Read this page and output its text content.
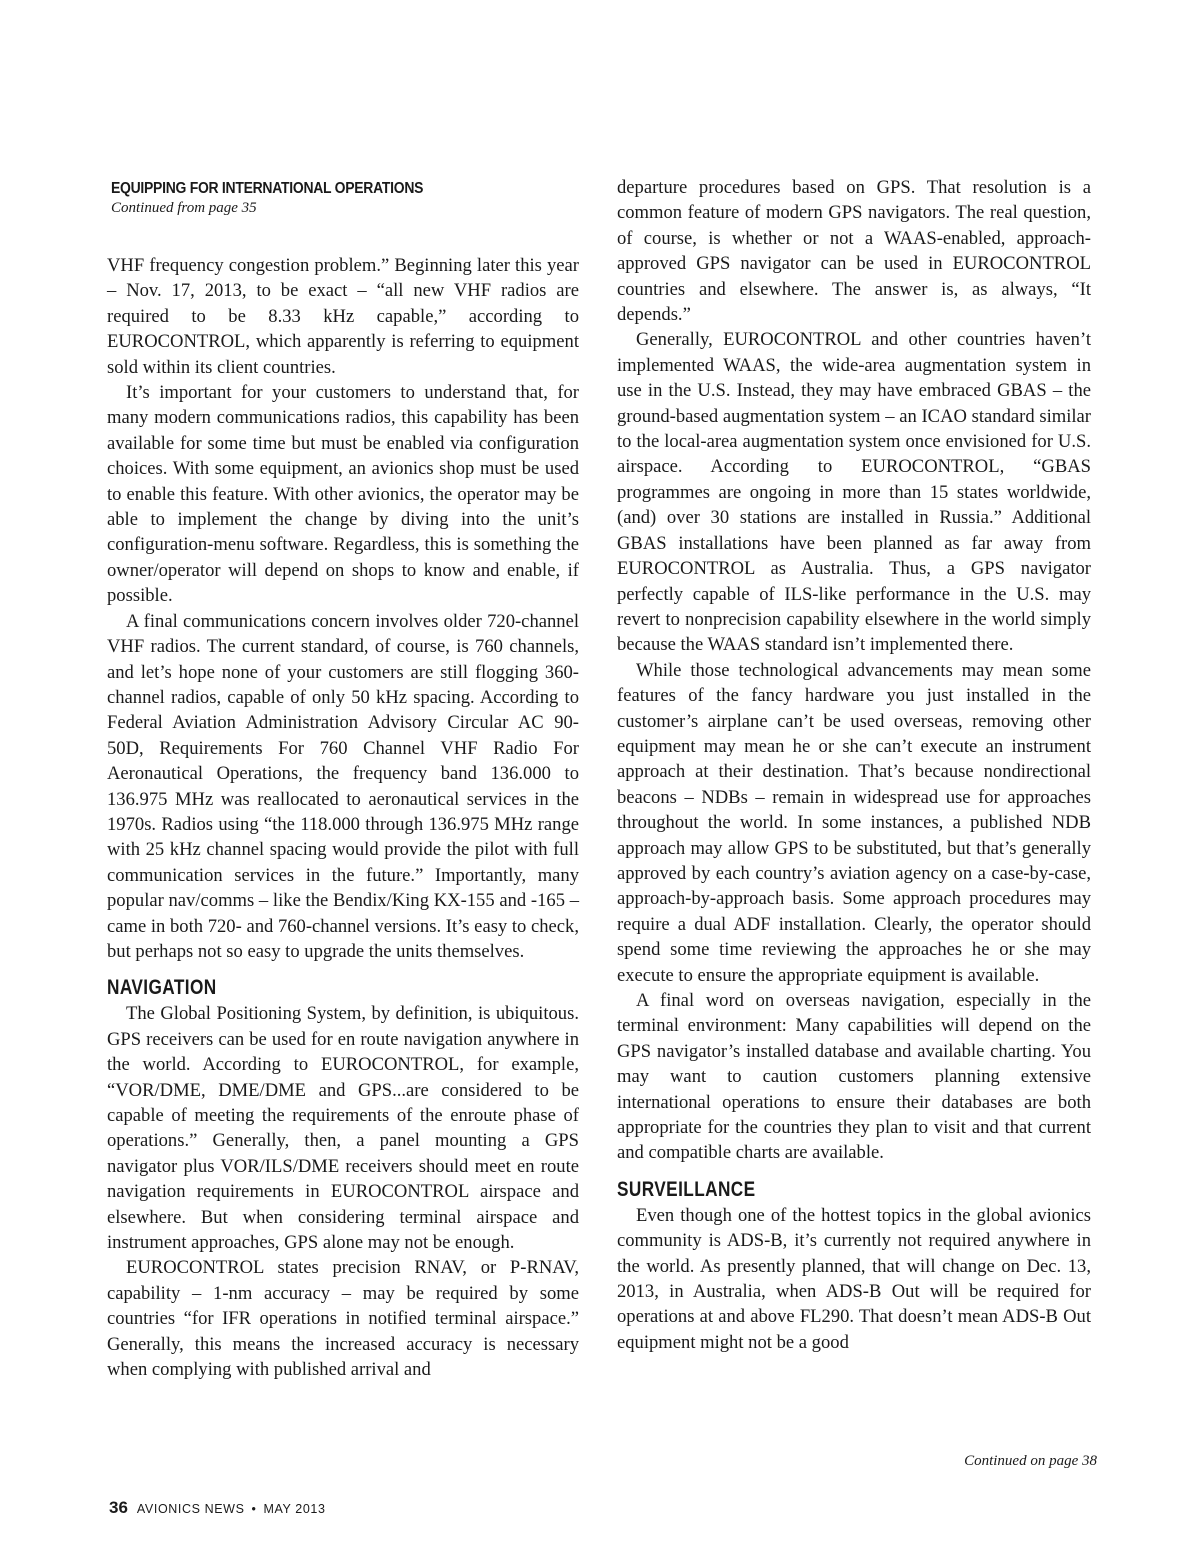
EQUIPPING FOR INTERNATIONAL OPERATIONS
Continued from page 35

VHF frequency congestion problem.” Beginning later this year – Nov. 17, 2013, to be exact – “all new VHF radios are required to be 8.33 kHz capable,” according to EUROCONTROL, which apparently is referring to equipment sold within its client countries.

It’s important for your customers to understand that, for many modern communications radios, this capability has been available for some time but must be enabled via configuration choices. With some equipment, an avionics shop must be used to enable this feature. With other avionics, the operator may be able to implement the change by diving into the unit’s configuration-menu software. Regardless, this is something the owner/operator will depend on shops to know and enable, if possible.

A final communications concern involves older 720-channel VHF radios. The current standard, of course, is 760 channels, and let’s hope none of your customers are still flogging 360-channel radios, capable of only 50 kHz spacing. According to Federal Aviation Administration Advisory Circular AC 90-50D, Requirements For 760 Channel VHF Radio For Aeronautical Operations, the frequency band 136.000 to 136.975 MHz was reallocated to aeronautical services in the 1970s. Radios using “the 118.000 through 136.975 MHz range with 25 kHz channel spacing would provide the pilot with full communication services in the future.” Importantly, many popular nav/comms – like the Bendix/King KX-155 and -165 – came in both 720- and 760-channel versions. It’s easy to check, but perhaps not so easy to upgrade the units themselves.

NAVIGATION

The Global Positioning System, by definition, is ubiquitous. GPS receivers can be used for en route navigation anywhere in the world. According to EUROCONTROL, for example, “VOR/DME, DME/DME and GPS...are considered to be capable of meeting the requirements of the enroute phase of operations.” Generally, then, a panel mounting a GPS navigator plus VOR/ILS/DME receivers should meet en route navigation requirements in EUROCONTROL airspace and elsewhere. But when considering terminal airspace and instrument approaches, GPS alone may not be enough.

EUROCONTROL states precision RNAV, or P-RNAV, capability – 1-nm accuracy – may be required by some countries “for IFR operations in notified terminal airspace.” Generally, this means the increased accuracy is necessary when complying with published arrival and

departure procedures based on GPS. That resolution is a common feature of modern GPS navigators. The real question, of course, is whether or not a WAAS-enabled, approach-approved GPS navigator can be used in EUROCONTROL countries and elsewhere. The answer is, as always, “It depends.”

Generally, EUROCONTROL and other countries haven’t implemented WAAS, the wide-area augmentation system in use in the U.S. Instead, they may have embraced GBAS – the ground-based augmentation system – an ICAO standard similar to the local-area augmentation system once envisioned for U.S. airspace. According to EUROCONTROL, “GBAS programmes are ongoing in more than 15 states worldwide, (and) over 30 stations are installed in Russia.” Additional GBAS installations have been planned as far away from EUROCONTROL as Australia. Thus, a GPS navigator perfectly capable of ILS-like performance in the U.S. may revert to nonprecision capability elsewhere in the world simply because the WAAS standard isn’t implemented there.

While those technological advancements may mean some features of the fancy hardware you just installed in the customer’s airplane can’t be used overseas, removing other equipment may mean he or she can’t execute an instrument approach at their destination. That’s because nondirectional beacons – NDBs – remain in widespread use for approaches throughout the world. In some instances, a published NDB approach may allow GPS to be substituted, but that’s generally approved by each country’s aviation agency on a case-by-case, approach-by-approach basis. Some approach procedures may require a dual ADF installation. Clearly, the operator should spend some time reviewing the approaches he or she may execute to ensure the appropriate equipment is available.

A final word on overseas navigation, especially in the terminal environment: Many capabilities will depend on the GPS navigator’s installed database and available charting. You may want to caution customers planning extensive international operations to ensure their databases are both appropriate for the countries they plan to visit and that current and compatible charts are available.

SURVEILLANCE

Even though one of the hottest topics in the global avionics community is ADS-B, it’s currently not required anywhere in the world. As presently planned, that will change on Dec. 13, 2013, in Australia, when ADS-B Out will be required for operations at and above FL290. That doesn’t mean ADS-B Out equipment might not be a good

Continued on page 38
36 AVIONICS NEWS • MAY 2013
